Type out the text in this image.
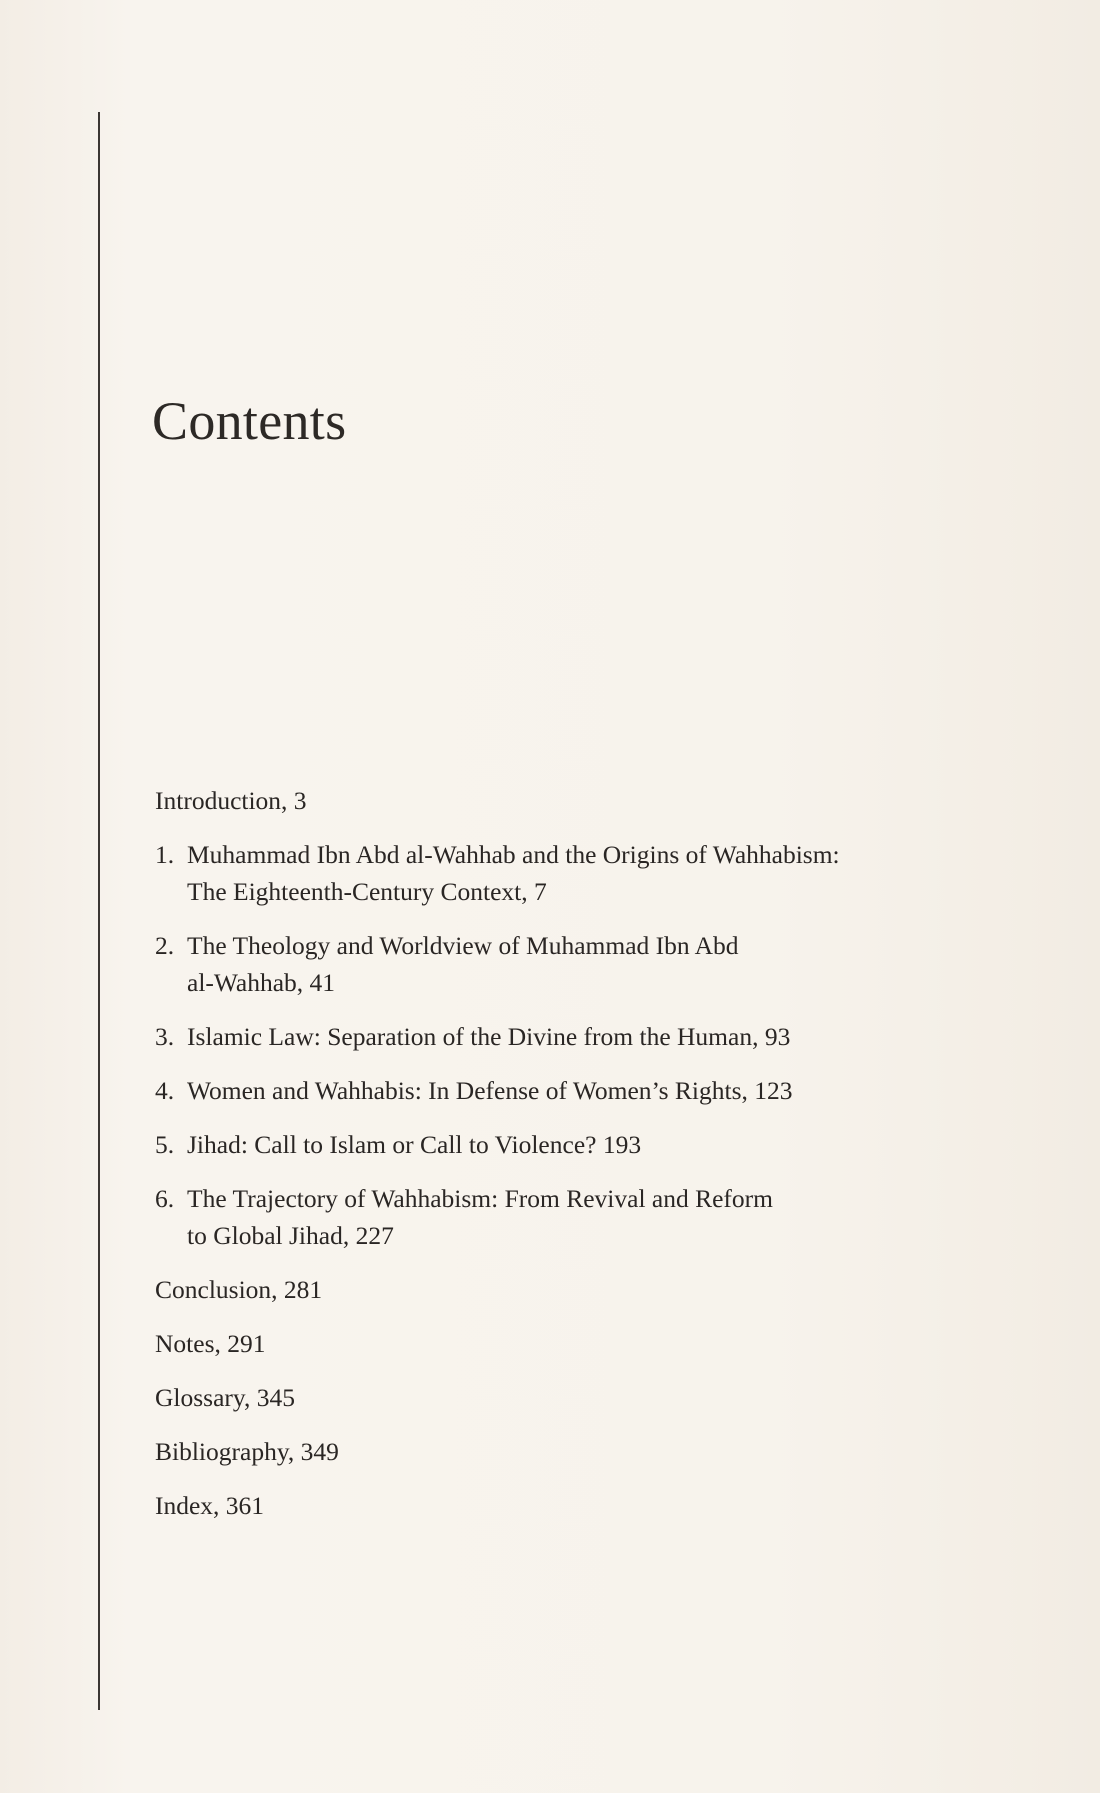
Contents
Introduction, 3
1. Muhammad Ibn Abd al-Wahhab and the Origins of Wahhabism:
The Eighteenth-Century Context, 7
2. The Theology and Worldview of Muhammad Ibn Abd
al-Wahhab, 41
3. Islamic Law: Separation of the Divine from the Human, 93
4. Women and Wahhabis: In Defense of Women’s Rights, 123
5. Jihad: Call to Islam or Call to Violence? 193
6. The Trajectory of Wahhabism: From Revival and Reform
to Global Jihad, 227
Conclusion, 281
Notes, 291
Glossary, 345
Bibliography, 349
Index, 361
